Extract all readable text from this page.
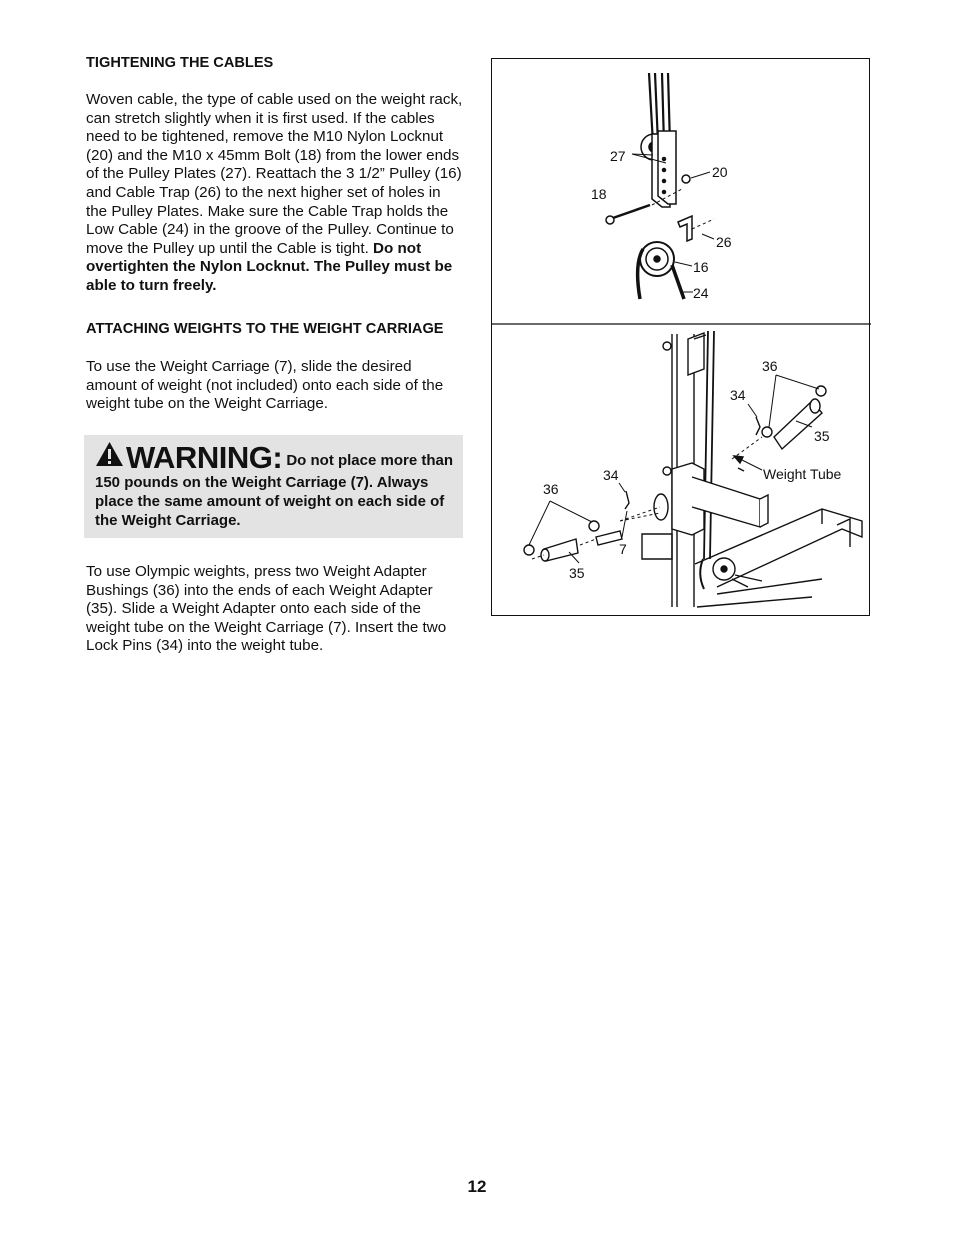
TIGHTENING THE CABLES

Woven cable, the type of cable used on the weight rack, can stretch slightly when it is first used. If the cables need to be tightened, remove the M10 Nylon Locknut (20) and the M10 x 45mm Bolt (18) from the lower ends of the Pulley Plates (27). Reattach the 3 1/2” Pulley (16) and Cable Trap (26) to the next higher set of holes in the Pulley Plates. Make sure the Cable Trap holds the Low Cable (24) in the groove of the Pulley. Continue to move the Pulley up until the Cable is tight. Do not overtighten the Nylon Locknut. The Pulley must be able to turn freely.

ATTACHING WEIGHTS TO THE WEIGHT CARRIAGE

To use the Weight Carriage (7), slide the desired amount of weight (not included) onto each side of the weight tube on the Weight Carriage.

WARNING: Do not place more than 150 pounds on the Weight Carriage (7). Always place the same amount of weight on each side of the Weight Carriage.

To use Olympic weights, press two Weight Adapter Bushings (36) into the ends of each Weight Adapter (35). Slide a Weight Adapter onto each side of the weight tube on the Weight Carriage (7). Insert the two Lock Pins (34) into the weight tube.

27
20
18
26
16
24
36
34
35
Weight Tube
34
36
7
35
12
